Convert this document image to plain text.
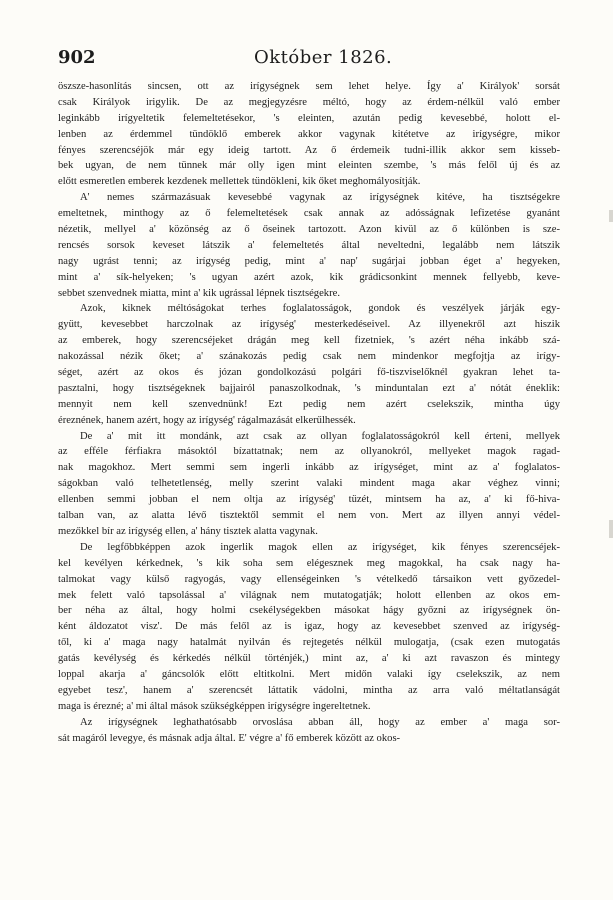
902	Október 1826.
öszsze-hasonlítás sincsen, ott az irígységnek sem lehet helye. Így a' Királyok' sorsát
csak Királyok irigylik. De az megjegyzésre méltó, hogy az érdem-nélkül való ember
leginkább irígyeltetik felemeltetésekor, 's eleinten, azután pedig kevesebbé, holott el-
lenben az érdemmel tündöklő emberek akkor vagynak kitétetve az irígységre, mikor
fényes szerencséjök már egy ideig tartott. Az ő érdemeik tudni-illik akkor sem kisseb-
bek ugyan, de nem tünnek már olly igen mint eleinten szembe, 's más felől új és az
előtt esmeretlen emberek kezdenek mellettek tündökleni, kik őket meghomályosítják.
A' nemes származásuak kevesebbé vagynak az irígységnek kitéve, ha tisztségekre
emeltetnek, minthogy az ő felemeltetések csak annak az adósságnak lefizetése gyanánt
nézetik, mellyel a' közönség az ő őseinek tartozott. Azon kivül az ő különben is sze-
rencsés sorsok keveset látszik a' felemeltetés által neveltedni, legalább nem látszik
nagy ugrást tenni; az irígység pedig, mint a' nap' sugárjai jobban éget a' hegyeken,
mint a' sík-helyeken; 's ugyan azért azok, kik grádicsonkint mennek fellyebb, keve-
sebbet szenvednek miatta, mint a' kik ugrással lépnek tisztségekre.
Azok, kiknek méltóságokat terhes foglalatosságok, gondok és veszélyek járják egy-
gyütt, kevesebbet harczolnak az irígység' mesterkedéseivel. Az illyenekről azt hiszik
az emberek, hogy szerencséjeket drágán meg kell fizetniek, 's azért néha inkább szá-
nakozással nézik őket; a' szánakozás pedig csak nem mindenkor megfojtja az irígy-
séget, azért az okos és józan gondolkozású polgári fő-tiszviselőknél gyakran lehet ta-
pasztalni, hogy tisztségeknek bajjairól panaszolkodnak, 's minduntalan ezt a' nótát éneklik:
mennyit nem kell szenvednünk! Ezt pedig nem azért cselekszik, mintha úgy
éreznének, hanem azért, hogy az irígység' rágalmazását elkerűlhessék.
De a' mit itt mondánk, azt csak az ollyan foglalatosságokról kell érteni, mellyek
az efféle férfiakra másoktól bízattatnak; nem az ollyanokról, mellyeket magok ragad-
nak magokhoz. Mert semmi sem ingerli inkább az irígységet, mint az a' foglalatos-
ságokban való telhetetlenség, melly szerint valaki mindent maga akar véghez vinni;
ellenben semmi jobban el nem oltja az irígység' tüzét, mintsem ha az, a' ki fő-hiva-
talban van, az alatta lévő tisztektől semmit el nem von. Mert az illyen annyi védel-
mezőkkel bír az irígység ellen, a' hány tisztek alatta vagynak.
De legfőbbképpen azok ingerlik magok ellen az irígységet, kik fényes szerencséjek-
kel kevélyen kérkednek, 's kik soha sem elégesznek meg magokkal, ha csak nagy ha-
talmokat vagy külső ragyogás, vagy ellenségeinken 's vételkedő társaikon vett győzedel-
mek felett való tapsolással a' világnak nem mutatogatják; holott ellenben az okos em-
ber néha az által, hogy holmi csekélységekben másokat hágy győzni az irígységnek ön-
ként áldozatot visz'. De más felől az is igaz, hogy az kevesebbet szenved az irígység-
től, ki a' maga nagy hatalmát nyilván és rejtegetés nélkül mulogatja, (csak ezen mutogatás
gatás kevélység és kérkedés nélkül történjék,) mint az, a' ki azt ravaszon és mintegy
loppal akarja a' gáncsolók előtt eltitkolni. Mert midőn valaki így cselekszik, az nem
egyebet tesz', hanem a' szerencsét láttatik vádolni, mintha az arra való méltatlanságát
maga is érezné; a' mi által mások szükségképpen irígységre ingereltetnek.
Az irígységnek leghathatósabb orvoslása abban áll, hogy az ember a' maga sor-
sát magáról levegye, és másnak adja által. E' végre a' fő emberek között az okos-
